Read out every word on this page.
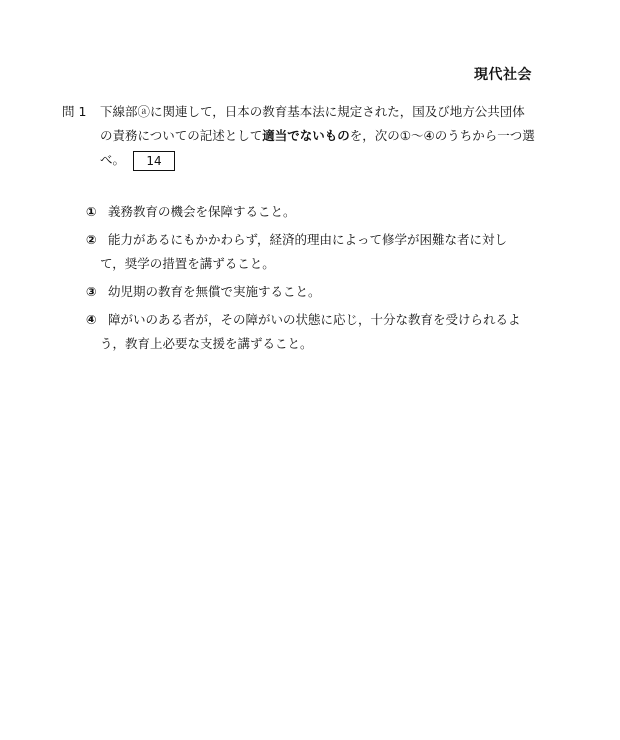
現代社会
問 1 下線部ⓐに関連して，日本の教育基本法に規定された，国及び地方公共団体
の責務についての記述として適当でないものを，次の①～④のうちから一つ選
べ。 14
① 義務教育の機会を保障すること。
② 能力があるにもかかわらず，経済的理由によって修学が困難な者に対し
て，奨学の措置を講ずること。
③ 幼児期の教育を無償で実施すること。
④ 障がいのある者が，その障がいの状態に応じ，十分な教育を受けられるよ
う，教育上必要な支援を講ずること。
